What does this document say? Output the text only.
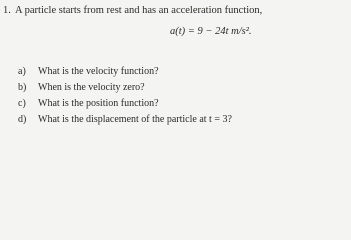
1. A particle starts from rest and has an acceleration function,
a(t) = 9 − 24t m/s².
a)	What is the velocity function?
b)	When is the velocity zero?
c)	What is the position function?
d)	What is the displacement of the particle at t = 3?
